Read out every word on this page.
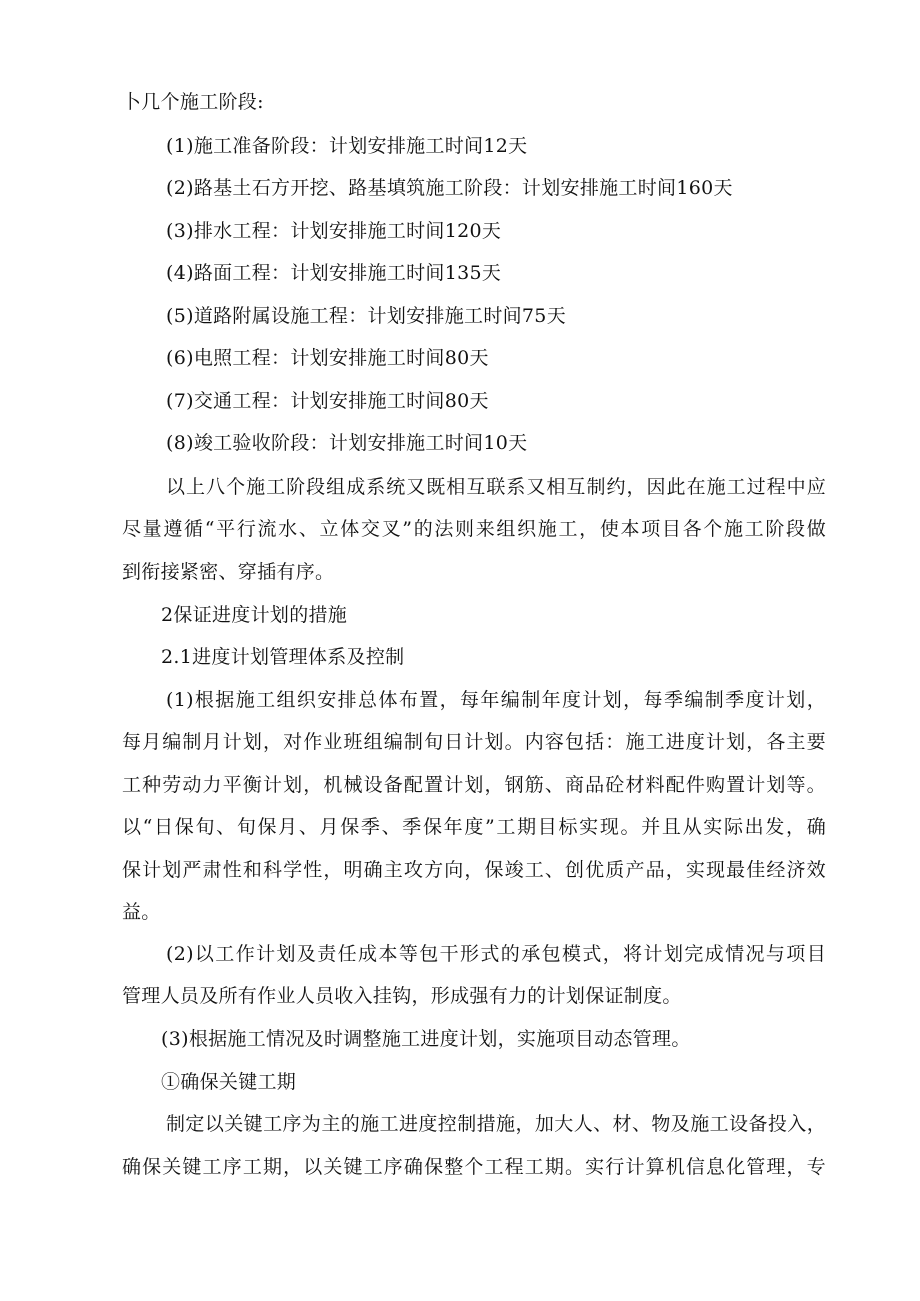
卜几个施工阶段:
(1)施工准备阶段：计划安排施工时间12天
(2)路基土石方开挖、路基填筑施工阶段：计划安排施工时间160天
(3)排水工程：计划安排施工时间120天
(4)路面工程：计划安排施工时间135天
(5)道路附属设施工程：计划安排施工时间75天
(6)电照工程：计划安排施工时间80天
(7)交通工程：计划安排施工时间80天
(8)竣工验收阶段：计划安排施工时间10天
以上八个施工阶段组成系统又既相互联系又相互制约，因此在施工过程中应
尽量遵循“平行流水、立体交叉”的法则来组织施工，使本项目各个施工阶段做
到衔接紧密、穿插有序。
2保证进度计划的措施
2.1进度计划管理体系及控制
(1)根据施工组织安排总体布置，每年编制年度计划，每季编制季度计划，
每月编制月计划，对作业班组编制旬日计划。内容包括：施工进度计划，各主要
工种劳动力平衡计划，机械设备配置计划，钢筋、商品砼材料配件购置计划等。
以“日保旬、旬保月、月保季、季保年度”工期目标实现。并且从实际出发，确
保计划严肃性和科学性，明确主攻方向，保竣工、创优质产品，实现最佳经济效
益。
(2)以工作计划及责任成本等包干形式的承包模式，将计划完成情况与项目
管理人员及所有作业人员收入挂钩，形成强有力的计划保证制度。
(3)根据施工情况及时调整施工进度计划，实施项目动态管理。
①确保关键工期
制定以关键工序为主的施工进度控制措施，加大人、材、物及施工设备投入，
确保关键工序工期，以关键工序确保整个工程工期。实行计算机信息化管理，专
